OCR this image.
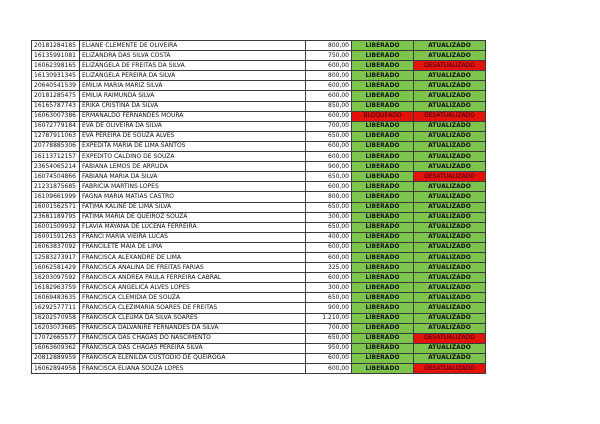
20181284185	ELIANE CLEMENTE DE OLIVEIRA	800,00	LIBERADO	ATUALIZADO
16135991081	ELIZANDRA DAS SILVA COSTA	750,00	LIBERADO	ATUALIZADO
16062398165	ELIZANGELA DE FREITAS DA SILVA	600,00	LIBERADO	DESATUALIZADO
16130931345	ELIZANGELA PEREIRA DA SILVA	800,00	LIBERADO	ATUALIZADO
20640541539	EMILIA MARIA MARIZ SILVA	600,00	LIBERADO	ATUALIZADO
20181285475	EMILIA RAIMUNDA SILVA	600,00	LIBERADO	ATUALIZADO
16165787743	ERIKA CRISTINA DA SILVA	850,00	LIBERADO	ATUALIZADO
16063007386	ERMANALDO FERNANDES MOURA	600,00	BLOQUEADO	DESATUALIZADO
16072779184	EVA DE OLIVEIRA DA SILVA	700,00	LIBERADO	ATUALIZADO
12787911063	EVA PEREIRA DE SOUZA ALVES	650,00	LIBERADO	ATUALIZADO
20778885306	EXPEDITA MARIA DE LIMA SANTOS	600,00	LIBERADO	ATUALIZADO
16113712157	EXPEDITO CALDINO DE SOUZA	600,00	LIBERADO	ATUALIZADO
23654065214	FABIANA LEMOS DE ARRUDA	900,00	LIBERADO	ATUALIZADO
16074504866	FABIANA MARIA DA SILVA	650,00	LIBERADO	DESATUALIZADO
21231875685	FABRICIA MARTINS LOPES	600,00	LIBERADO	ATUALIZADO
16109661999	FAGNA MARIA MATIAS CASTRO	800,00	LIBERADO	ATUALIZADO
16001562571	FATIMA KALINE DE LIMA SILVA	650,00	LIBERADO	ATUALIZADO
23681189795	FATIMA MARIA DE QUEIROZ SOUZA	300,00	LIBERADO	ATUALIZADO
16001509932	FLAVIA MAYANA DE LUCENA FERREIRA	650,00	LIBERADO	ATUALIZADO
16001591263	FRANCI MARIA VIEIRA LUCAS	400,00	LIBERADO	ATUALIZADO
16063837092	FRANCILETE MAIA DE LIMA	600,00	LIBERADO	ATUALIZADO
12583273917	FRANCISCA ALEXANDRE DE LIMA	600,00	LIBERADO	ATUALIZADO
16062581429	FRANCISCA ANALINA DE FREITAS FARIAS	325,00	LIBERADO	ATUALIZADO
16203097592	FRANCISCA ANDREA PAULA FERREIRA CABRAL	600,00	LIBERADO	ATUALIZADO
16182963759	FRANCISCA ANGELICA ALVES LOPES	300,00	LIBERADO	ATUALIZADO
16069483635	FRANCISCA CLEMIDIA DE SOUZA	650,00	LIBERADO	ATUALIZADO
16292577711	FRANCISCA CLEZIMARIA SOARES DE FREITAS	900,00	LIBERADO	ATUALIZADO
16202570958	FRANCISCA CLEUMA DA SILVA SOARES	1.210,00	LIBERADO	ATUALIZADO
16203073685	FRANCISCA DALVANIRE FERNANDES DA SILVA	700,00	LIBERADO	ATUALIZADO
17072665577	FRANCISCA DAS CHAGAS DO NASCIMENTO	650,00	LIBERADO	DESATUALIZADO
16063609362	FRANCISCA DAS CHAGAS PEREIRA SILVA	950,00	LIBERADO	ATUALIZADO
20812889959	FRANCISCA ELENILDA CUSTODIO DE QUEIROGA	600,00	LIBERADO	ATUALIZADO
16062894958	FRANCISCA ELIANA SOUZA LOPES	600,00	LIBERADO	DESATUALIZADO
